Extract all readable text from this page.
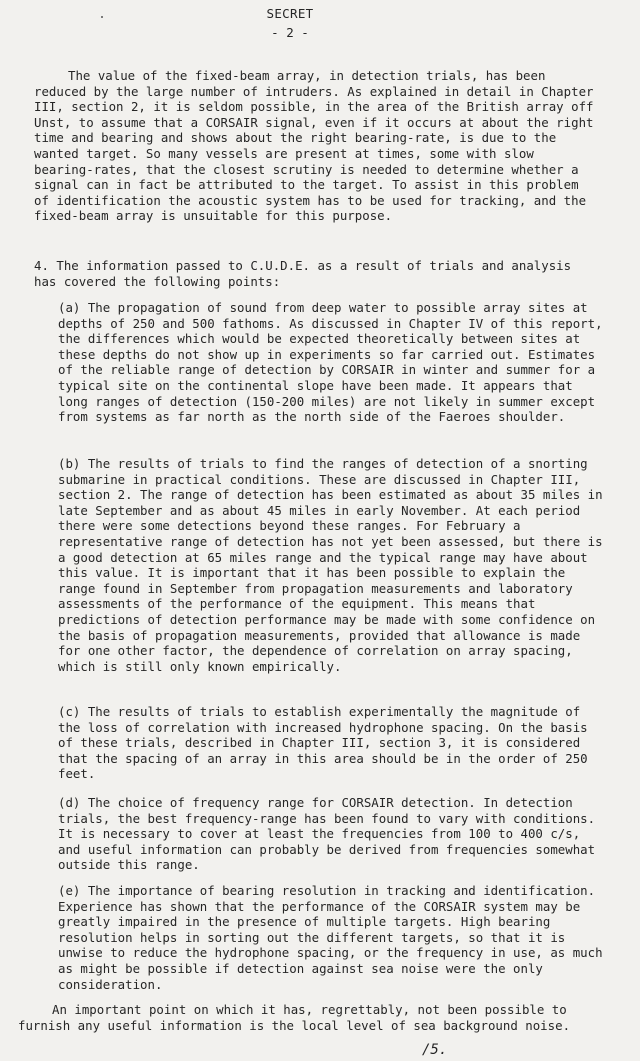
SECRET
- 2 -

The value of the fixed-beam array, in detection trials, has been reduced by the large number of intruders. As explained in detail in Chapter III, section 2, it is seldom possible, in the area of the British array off Unst, to assume that a CORSAIR signal, even if it occurs at about the right time and bearing and shows about the right bearing-rate, is due to the wanted target. So many vessels are present at times, some with slow bearing-rates, that the closest scrutiny is needed to determine whether a signal can in fact be attributed to the target. To assist in this problem of identification the acoustic system has to be used for tracking, and the fixed-beam array is unsuitable for this purpose.

4. The information passed to C.U.D.E. as a result of trials and analysis has covered the following points:

(a) The propagation of sound from deep water to possible array sites at depths of 250 and 500 fathoms. As discussed in Chapter IV of this report, the differences which would be expected theoretically between sites at these depths do not show up in experiments so far carried out. Estimates of the reliable range of detection by CORSAIR in winter and summer for a typical site on the continental slope have been made. It appears that long ranges of detection (150-200 miles) are not likely in summer except from systems as far north as the north side of the Faeroes shoulder.

(b) The results of trials to find the ranges of detection of a snorting submarine in practical conditions. These are discussed in Chapter III, section 2. The range of detection has been estimated as about 35 miles in late September and as about 45 miles in early November. At each period there were some detections beyond these ranges. For February a representative range of detection has not yet been assessed, but there is a good detection at 65 miles range and the typical range may have about this value. It is important that it has been possible to explain the range found in September from propagation measurements and laboratory assessments of the performance of the equipment. This means that predictions of detection performance may be made with some confidence on the basis of propagation measurements, provided that allowance is made for one other factor, the dependence of correlation on array spacing, which is still only known empirically.

(c) The results of trials to establish experimentally the magnitude of the loss of correlation with increased hydrophone spacing. On the basis of these trials, described in Chapter III, section 3, it is considered that the spacing of an array in this area should be in the order of 250 feet.

(d) The choice of frequency range for CORSAIR detection. In detection trials, the best frequency-range has been found to vary with conditions. It is necessary to cover at least the frequencies from 100 to 400 c/s, and useful information can probably be derived from frequencies somewhat outside this range.

(e) The importance of bearing resolution in tracking and identification. Experience has shown that the performance of the CORSAIR system may be greatly impaired in the presence of multiple targets. High bearing resolution helps in sorting out the different targets, so that it is unwise to reduce the hydrophone spacing, or the frequency in use, as much as might be possible if detection against sea noise were the only consideration.

An important point on which it has, regrettably, not been possible to furnish any useful information is the local level of sea background noise.

/5.
